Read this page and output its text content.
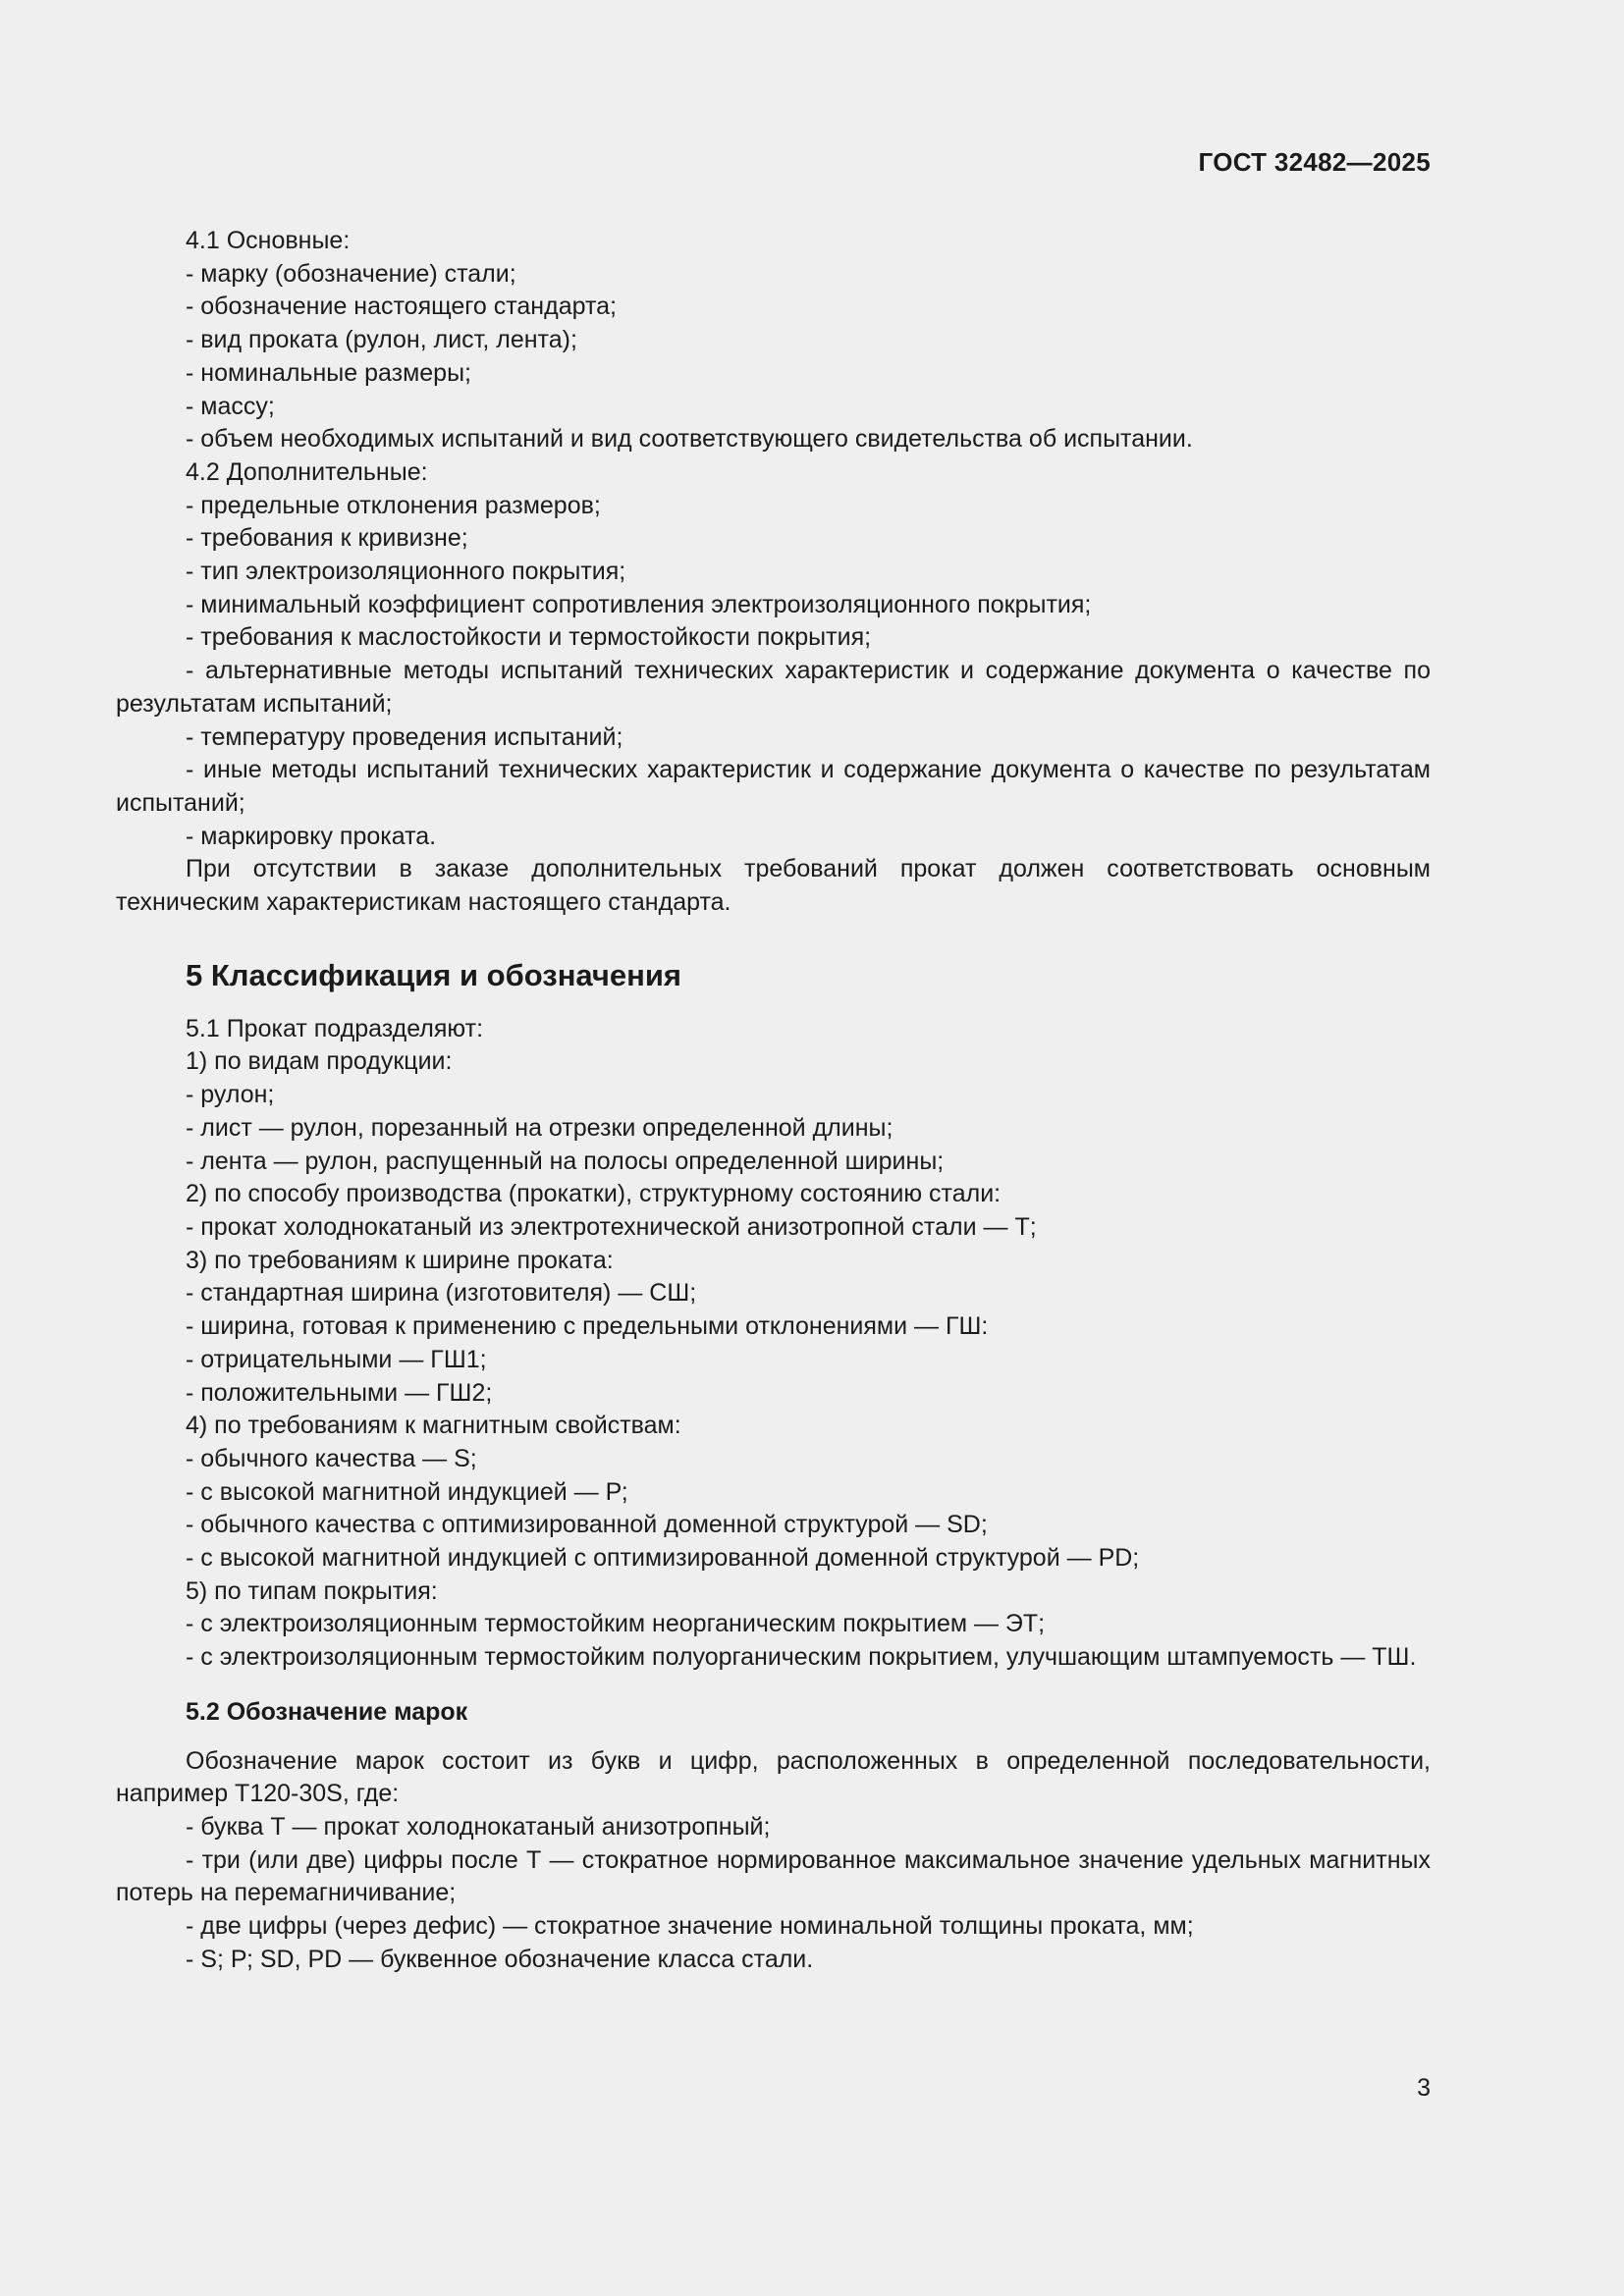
ГОСТ 32482—2025

4.1 Основные:

- марку (обозначение) стали;

- обозначение настоящего стандарта;

- вид проката (рулон, лист, лента);

- номинальные размеры;

- массу;

- объем необходимых испытаний и вид соответствующего свидетельства об испытании.

4.2 Дополнительные:

- предельные отклонения размеров;

- требования к кривизне;

- тип электроизоляционного покрытия;

- минимальный коэффициент сопротивления электроизоляционного покрытия;

- требования к маслостойкости и термостойкости покрытия;

- альтернативные методы испытаний технических характеристик и содержание документа о качестве по результатам испытаний;

- температуру проведения испытаний;

- иные методы испытаний технических характеристик и содержание документа о качестве по результатам испытаний;

- маркировку проката.

При отсутствии в заказе дополнительных требований прокат должен соответствовать основным техническим характеристикам настоящего стандарта.

5 Классификация и обозначения

5.1 Прокат подразделяют:

1) по видам продукции:

- рулон;

- лист — рулон, порезанный на отрезки определенной длины;

- лента — рулон, распущенный на полосы определенной ширины;

2) по способу производства (прокатки), структурному состоянию стали:

- прокат холоднокатаный из электротехнической анизотропной стали — Т;

3) по требованиям к ширине проката:

- стандартная ширина (изготовителя) — СШ;

- ширина, готовая к применению с предельными отклонениями — ГШ:

- отрицательными — ГШ1;

- положительными — ГШ2;

4) по требованиям к магнитным свойствам:

- обычного качества — S;

- с высокой магнитной индукцией — Р;

- обычного качества с оптимизированной доменной структурой — SD;

- с высокой магнитной индукцией с оптимизированной доменной структурой — PD;

5) по типам покрытия:

- с электроизоляционным термостойким неорганическим покрытием — ЭТ;

- с электроизоляционным термостойким полуорганическим покрытием, улучшающим штампуемость — ТШ.

5.2 Обозначение марок

Обозначение марок состоит из букв и цифр, расположенных в определенной последовательности, например Т120-30S, где:

- буква Т — прокат холоднокатаный анизотропный;

- три (или две) цифры после Т — стократное нормированное максимальное значение удельных магнитных потерь на перемагничивание;

- две цифры (через дефис) — стократное значение номинальной толщины проката, мм;

- S; Р; SD, PD — буквенное обозначение класса стали.

3
